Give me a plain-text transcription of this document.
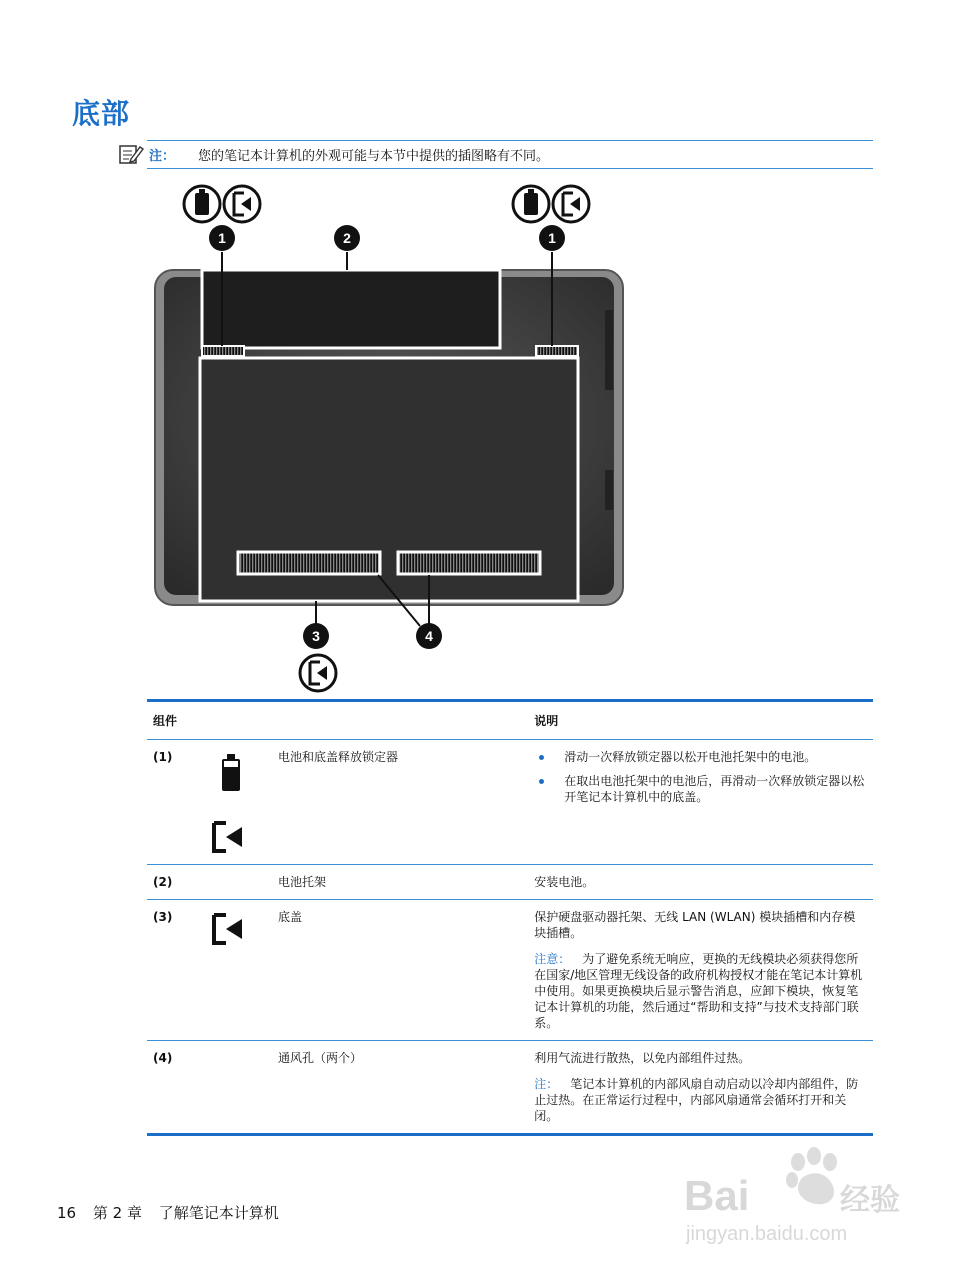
底部
注： 您的笔记本计算机的外观可能与本节中提供的插图略有不同。
1	2	1
3	4
组件			说明
(1)		电池和底盖释放锁定器	滑动一次释放锁定器以松开电池托架中的电池。
在取出电池托架中的电池后，再滑动一次释放锁定器以松开笔记本计算机中的底盖。

(2)		电池托架	安装电池。
(3)		底盖	保护硬盘驱动器托架、无线 LAN (WLAN) 模块插槽和内存模块插槽。
注意： 为了避免系统无响应，更换的无线模块必须获得您所在国家/地区管理无线设备的政府机构授权才能在笔记本计算机中使用。如果更换模块后显示警告消息，应卸下模块，恢复笔记本计算机的功能，然后通过“帮助和支持”与技术支持部门联系。

(4)		通风孔（两个）	利用气流进行散热，以免内部组件过热。
注： 笔记本计算机的内部风扇自动启动以冷却内部组件，防止过热。在正常运行过程中，内部风扇通常会循环打开和关闭。
16 第 2 章 了解笔记本计算机	Bai	经验
jingyan.baidu.com
